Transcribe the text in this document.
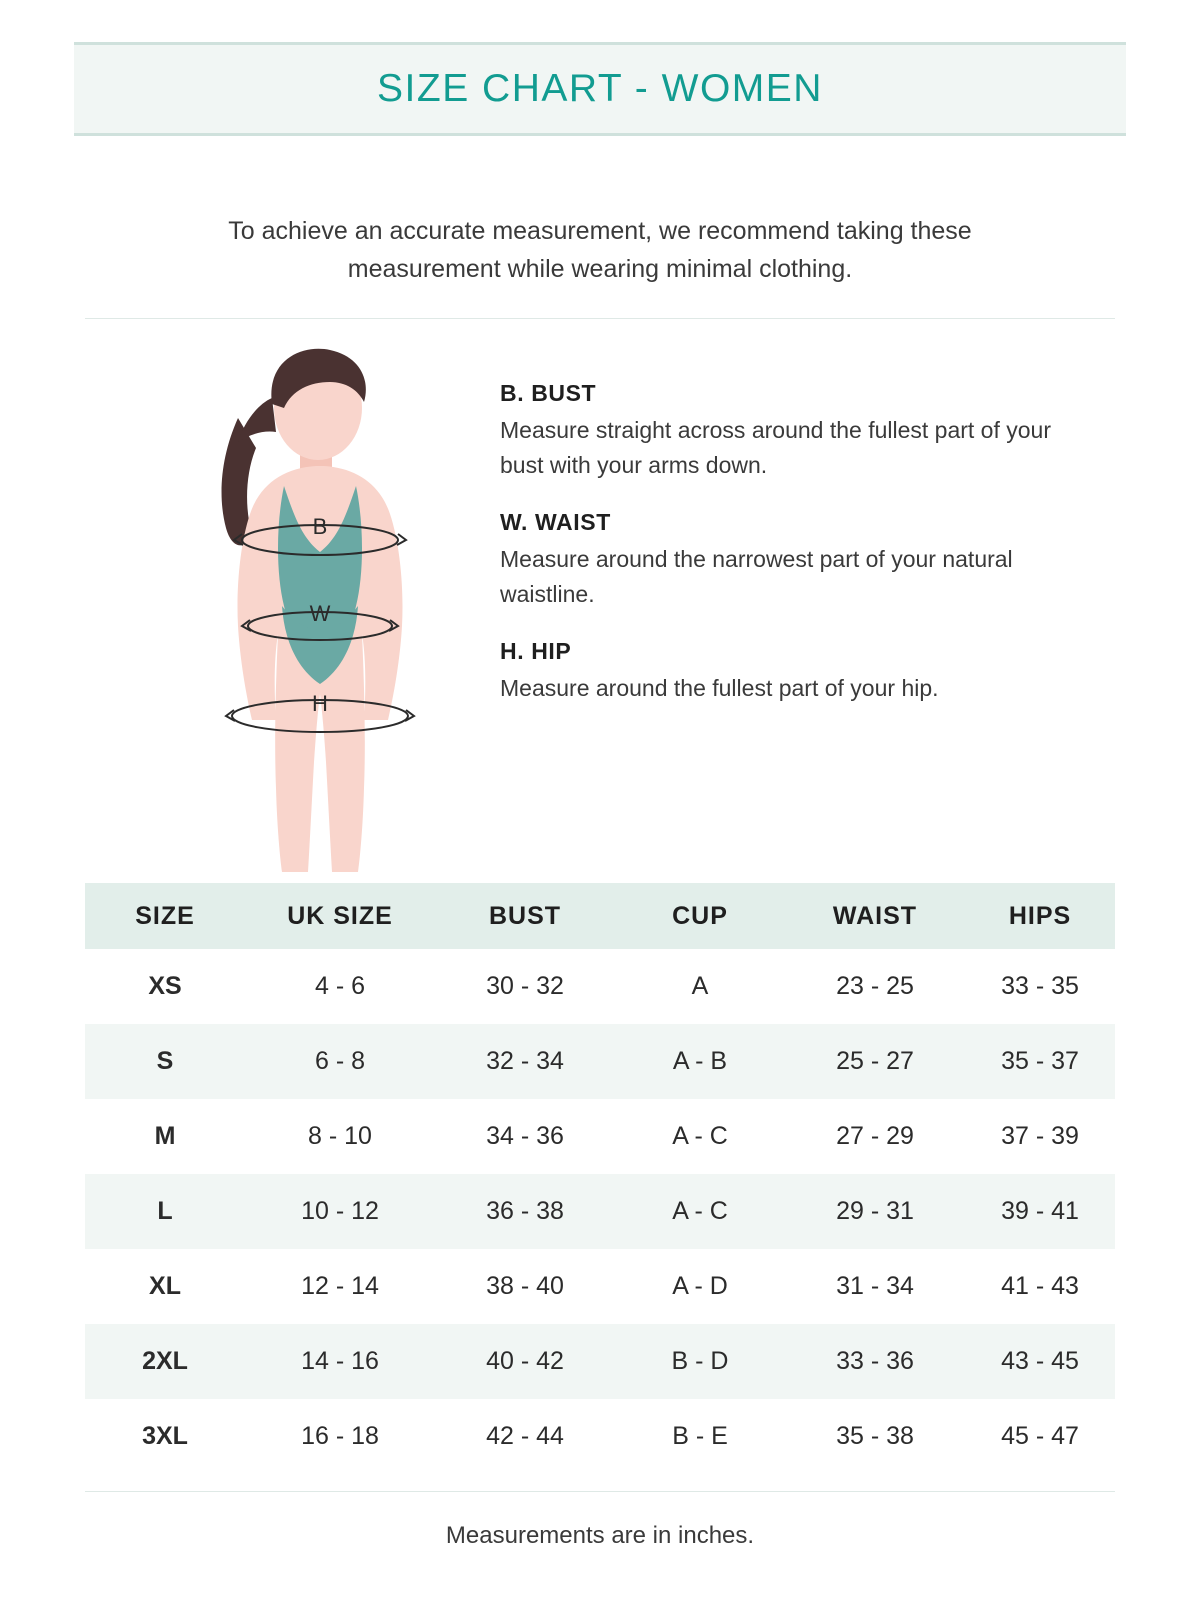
SIZE CHART - WOMEN
To achieve an accurate measurement, we recommend taking these measurement while wearing minimal clothing.
B
W
H
B. BUST
Measure straight across around the fullest part of your bust with your arms down.
W. WAIST
Measure around the narrowest part of your natural waistline.
H. HIP
Measure around the fullest part of your hip.
SIZE	UK SIZE	BUST	CUP	WAIST	HIPS
XS	4 - 6	30 - 32	A	23 - 25	33 - 35
S	6 - 8	32 - 34	A - B	25 - 27	35 - 37
M	8 - 10	34 - 36	A - C	27 - 29	37 - 39
L	10 - 12	36 - 38	A - C	29 - 31	39 - 41
XL	12 - 14	38 - 40	A - D	31 - 34	41 - 43
2XL	14 - 16	40 - 42	B - D	33 - 36	43 - 45
3XL	16 - 18	42 - 44	B - E	35 - 38	45 - 47
Measurements are in inches.
